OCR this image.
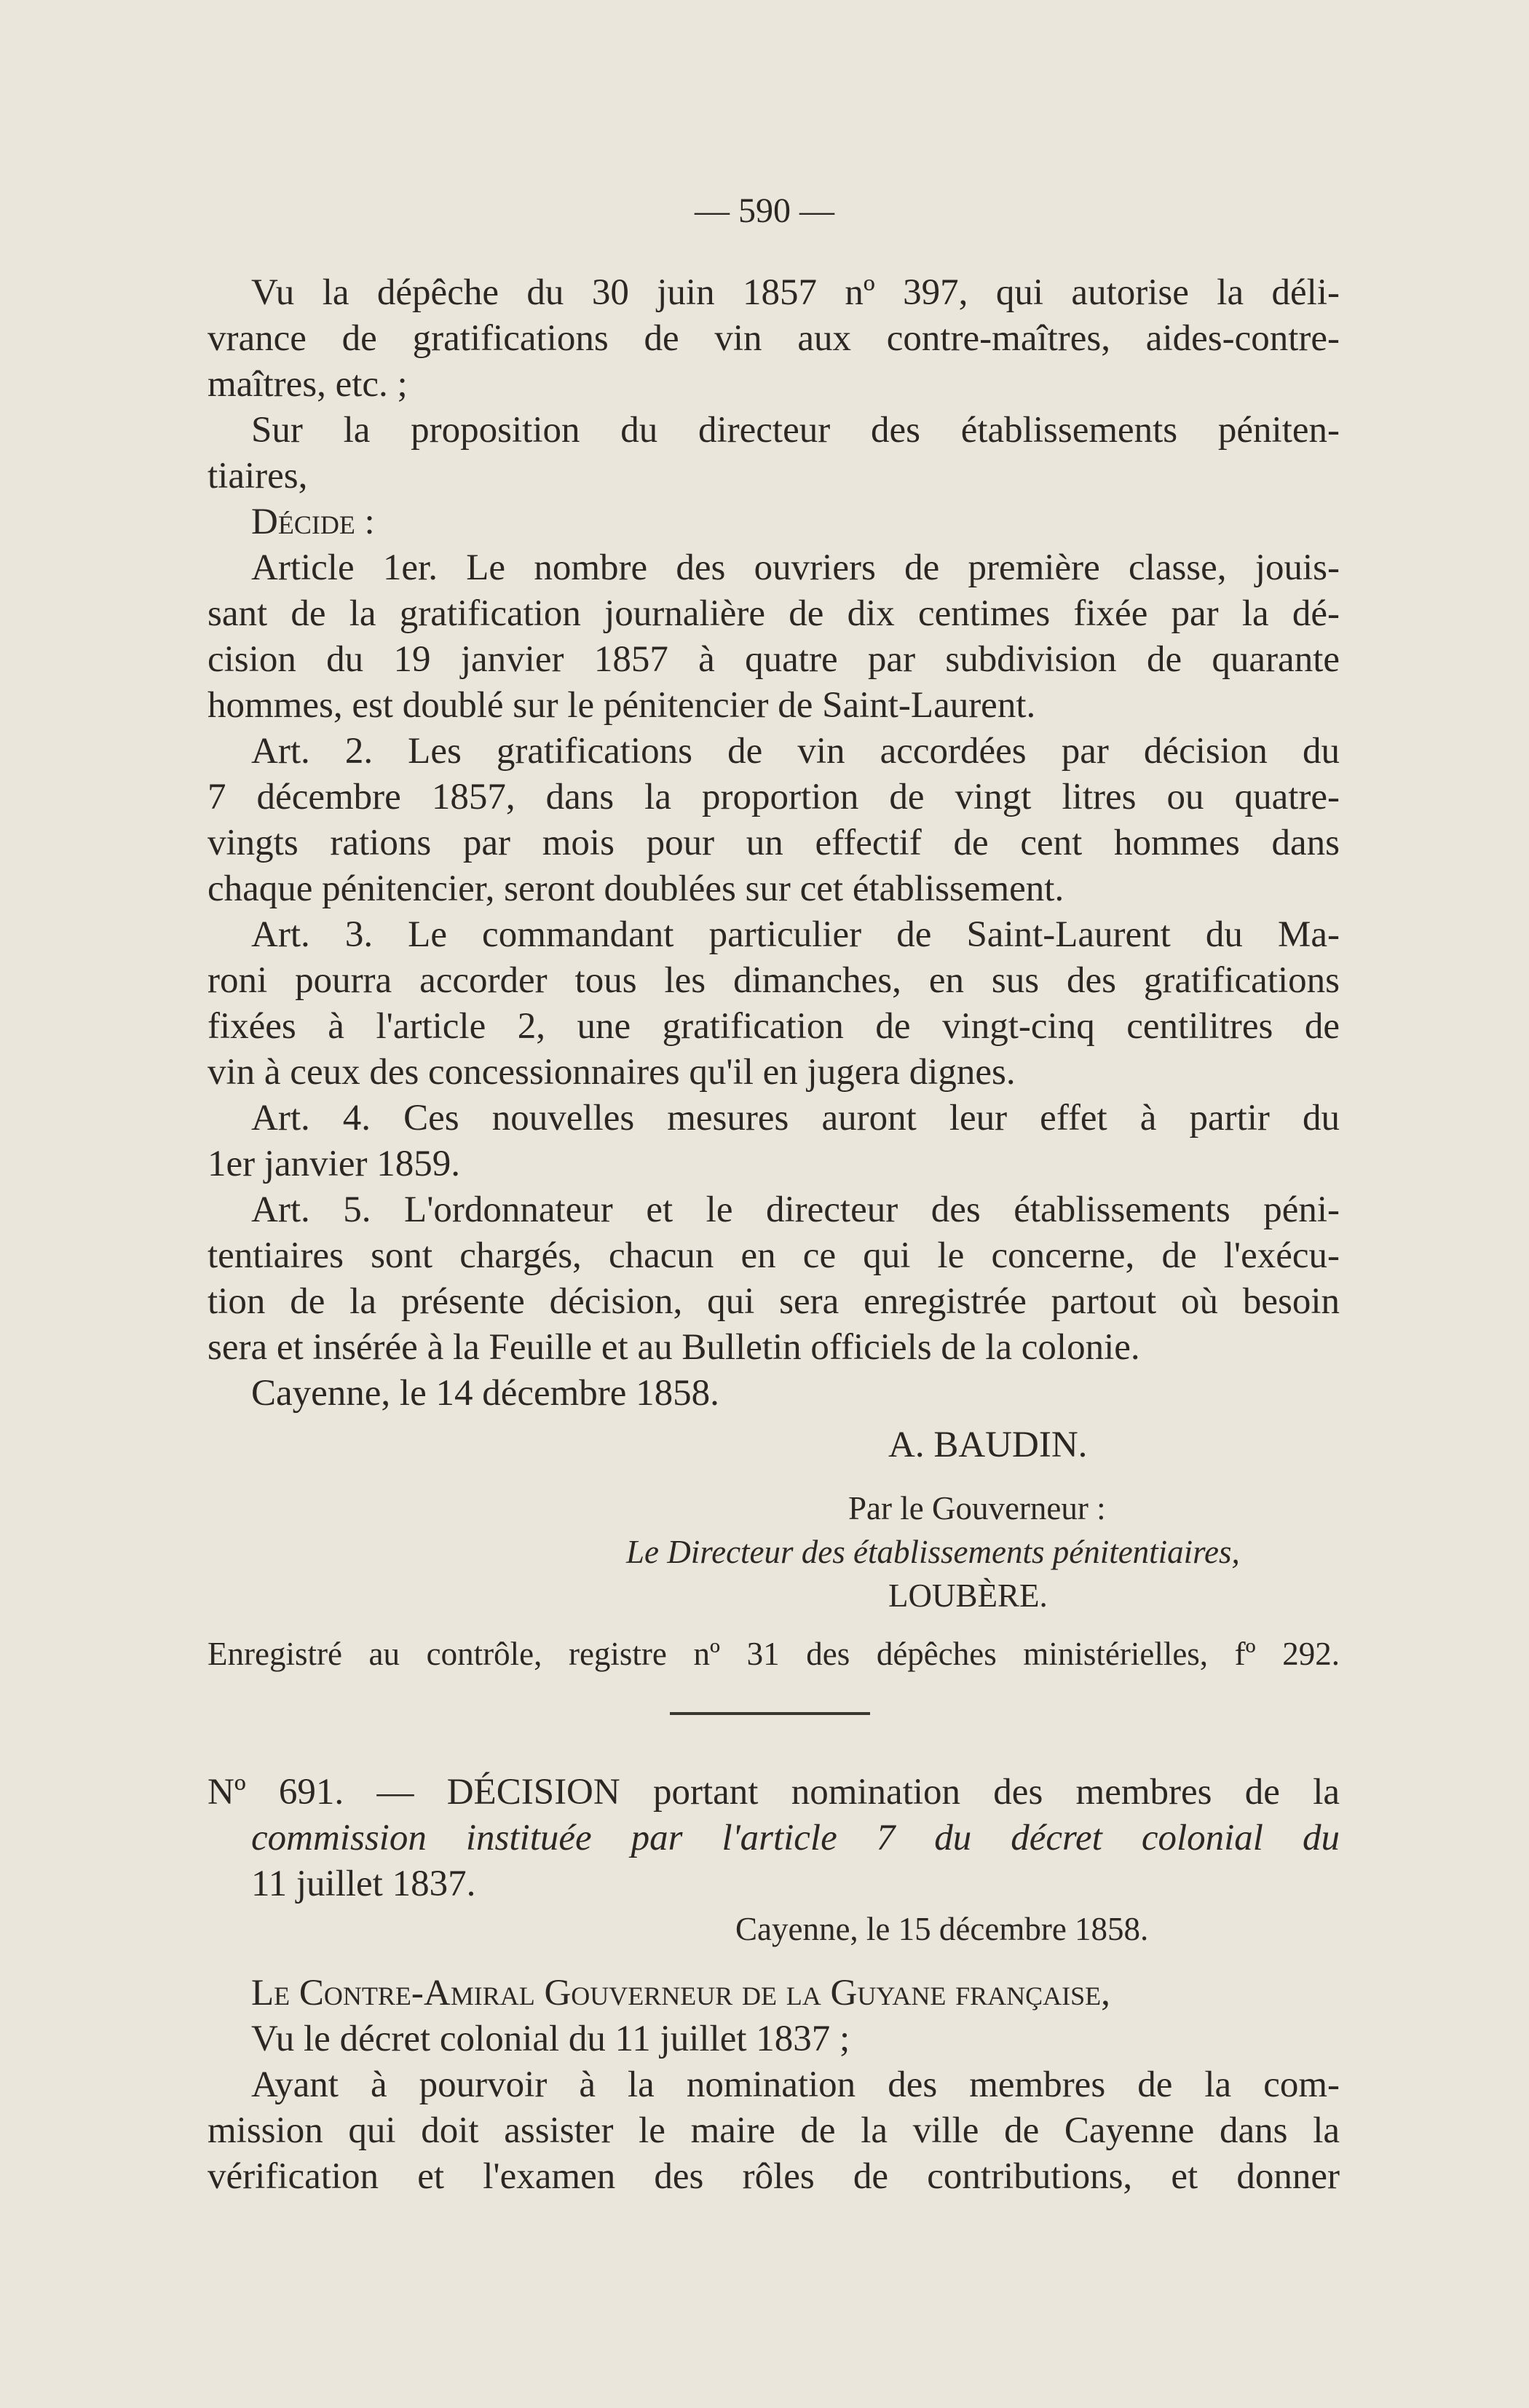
— 590 —
Vu la dépêche du 30 juin 1857 nº 397, qui autorise la déli-
vrance de gratifications de vin aux contre-maîtres, aides-contre-
maîtres, etc. ;
Sur la proposition du directeur des établissements péniten-
tiaires,
Décide :
Article 1er. Le nombre des ouvriers de première classe, jouis-
sant de la gratification journalière de dix centimes fixée par la dé-
cision du 19 janvier 1857 à quatre par subdivision de quarante
hommes, est doublé sur le pénitencier de Saint-Laurent.
Art. 2. Les gratifications de vin accordées par décision du
7 décembre 1857, dans la proportion de vingt litres ou quatre-
vingts rations par mois pour un effectif de cent hommes dans
chaque pénitencier, seront doublées sur cet établissement.
Art. 3. Le commandant particulier de Saint-Laurent du Ma-
roni pourra accorder tous les dimanches, en sus des gratifications
fixées à l'article 2, une gratification de vingt-cinq centilitres de
vin à ceux des concessionnaires qu'il en jugera dignes.
Art. 4. Ces nouvelles mesures auront leur effet à partir du
1er janvier 1859.
Art. 5. L'ordonnateur et le directeur des établissements péni-
tentiaires sont chargés, chacun en ce qui le concerne, de l'exécu-
tion de la présente décision, qui sera enregistrée partout où besoin
sera et insérée à la Feuille et au Bulletin officiels de la colonie.
Cayenne, le 14 décembre 1858.
A. BAUDIN.
Par le Gouverneur :
Le Directeur des établissements pénitentiaires,
LOUBÈRE.
Enregistré au contrôle, registre nº 31 des dépêches ministérielles, fº 292.
Nº 691. — DÉCISION portant nomination des membres de la
commission instituée par l'article 7 du décret colonial du
11 juillet 1837.
Cayenne, le 15 décembre 1858.
Le Contre-Amiral Gouverneur de la Guyane française,
Vu le décret colonial du 11 juillet 1837 ;
Ayant à pourvoir à la nomination des membres de la com-
mission qui doit assister le maire de la ville de Cayenne dans la
vérification et l'examen des rôles de contributions, et donner
